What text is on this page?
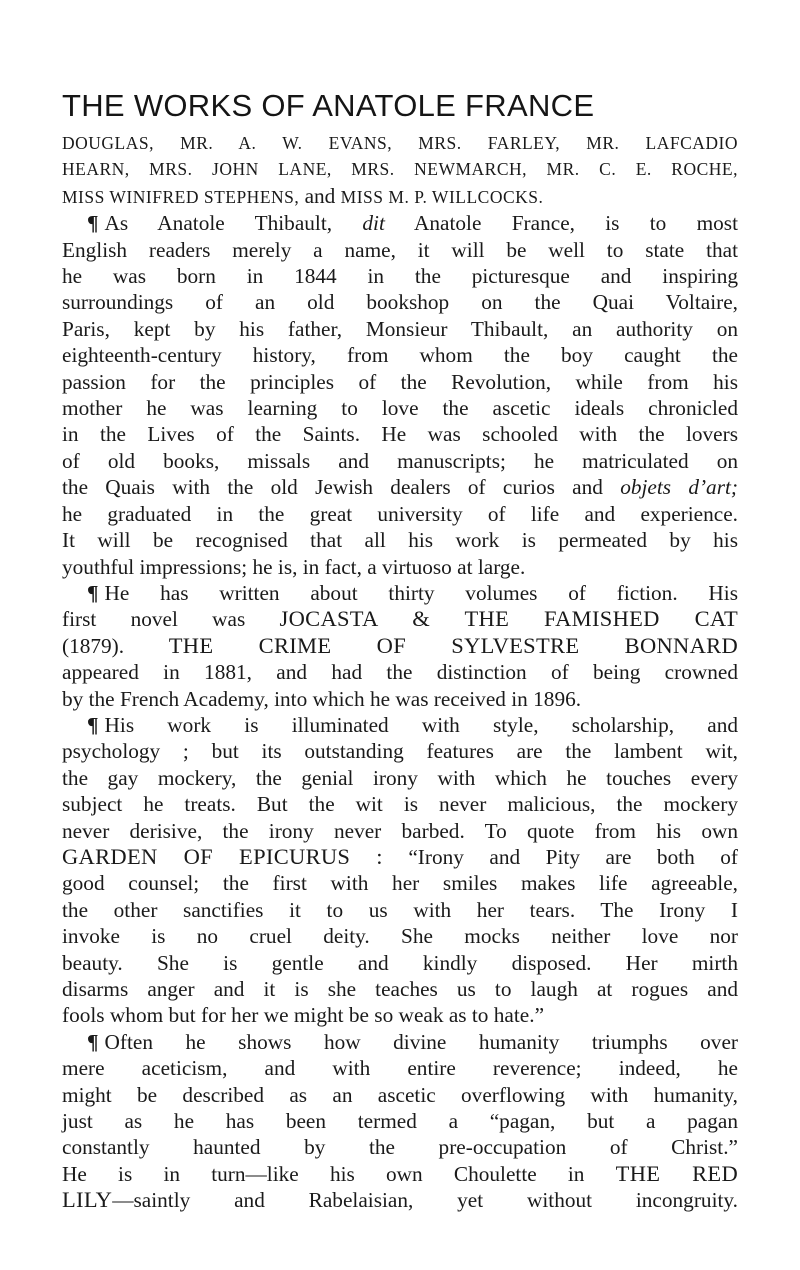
THE WORKS OF ANATOLE FRANCE
DOUGLAS, MR. A. W. EVANS, MRS. FARLEY, MR. LAFCADIO
HEARN, MRS. JOHN LANE, MRS. NEWMARCH, MR. C. E. ROCHE,
MISS WINIFRED STEPHENS, and MISS M. P. WILLCOCKS.
¶ As Anatole Thibault, dit Anatole France, is to most
English readers merely a name, it will be well to state that
he was born in 1844 in the picturesque and inspiring
surroundings of an old bookshop on the Quai Voltaire,
Paris, kept by his father, Monsieur Thibault, an authority on
eighteenth-century history, from whom the boy caught the
passion for the principles of the Revolution, while from his
mother he was learning to love the ascetic ideals chronicled
in the Lives of the Saints. He was schooled with the lovers
of old books, missals and manuscripts; he matriculated on
the Quais with the old Jewish dealers of curios and objets d’art;
he graduated in the great university of life and experience.
It will be recognised that all his work is permeated by his
youthful impressions; he is, in fact, a virtuoso at large.
¶ He has written about thirty volumes of fiction. His
first novel was JOCASTA & THE FAMISHED CAT
(1879). THE CRIME OF SYLVESTRE BONNARD
appeared in 1881, and had the distinction of being crowned
by the French Academy, into which he was received in 1896.
¶ His work is illuminated with style, scholarship, and
psychology ; but its outstanding features are the lambent wit,
the gay mockery, the genial irony with which he touches every
subject he treats. But the wit is never malicious, the mockery
never derisive, the irony never barbed. To quote from his own
GARDEN OF EPICURUS : “Irony and Pity are both of
good counsel; the first with her smiles makes life agreeable,
the other sanctifies it to us with her tears. The Irony I
invoke is no cruel deity. She mocks neither love nor
beauty. She is gentle and kindly disposed. Her mirth
disarms anger and it is she teaches us to laugh at rogues and
fools whom but for her we might be so weak as to hate.”
¶ Often he shows how divine humanity triumphs over
mere aceticism, and with entire reverence; indeed, he
might be described as an ascetic overflowing with humanity,
just as he has been termed a “pagan, but a pagan
constantly haunted by the pre-occupation of Christ.”
He is in turn—like his own Choulette in THE RED
LILY—saintly and Rabelaisian, yet without incongruity.
